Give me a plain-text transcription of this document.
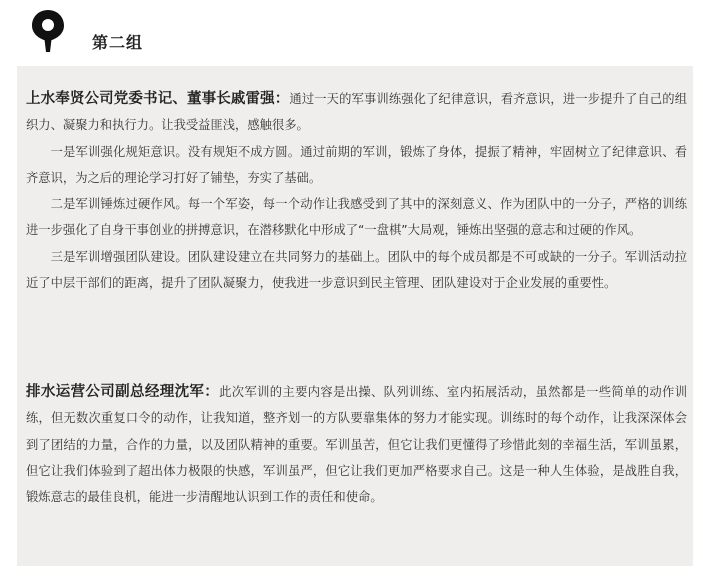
第二组

上水奉贤公司党委书记、董事长戚雷强：通过一天的军事训练强化了纪律意识，看齐意识，进一步提升了自己的组织力、凝聚力和执行力。让我受益匪浅，感触很多。

一是军训强化规矩意识。没有规矩不成方圆。通过前期的军训，锻炼了身体，提振了精神，牢固树立了纪律意识、看齐意识，为之后的理论学习打好了铺垫，夯实了基础。

二是军训锤炼过硬作风。每一个军姿，每一个动作让我感受到了其中的深刻意义、作为团队中的一分子，严格的训练进一步强化了自身干事创业的拼搏意识，在潜移默化中形成了“一盘棋”大局观，锤炼出坚强的意志和过硬的作风。

三是军训增强团队建设。团队建设建立在共同努力的基础上。团队中的每个成员都是不可或缺的一分子。军训活动拉近了中层干部们的距离，提升了团队凝聚力，使我进一步意识到民主管理、团队建设对于企业发展的重要性。

排水运营公司副总经理沈军：此次军训的主要内容是出操、队列训练、室内拓展活动，虽然都是一些简单的动作训练，但无数次重复口令的动作，让我知道，整齐划一的方队要靠集体的努力才能实现。训练时的每个动作，让我深深体会到了团结的力量，合作的力量，以及团队精神的重要。军训虽苦，但它让我们更懂得了珍惜此刻的幸福生活，军训虽累，但它让我们体验到了超出体力极限的快感，军训虽严，但它让我们更加严格要求自己。这是一种人生体验，是战胜自我，锻炼意志的最佳良机，能进一步清醒地认识到工作的责任和使命。
